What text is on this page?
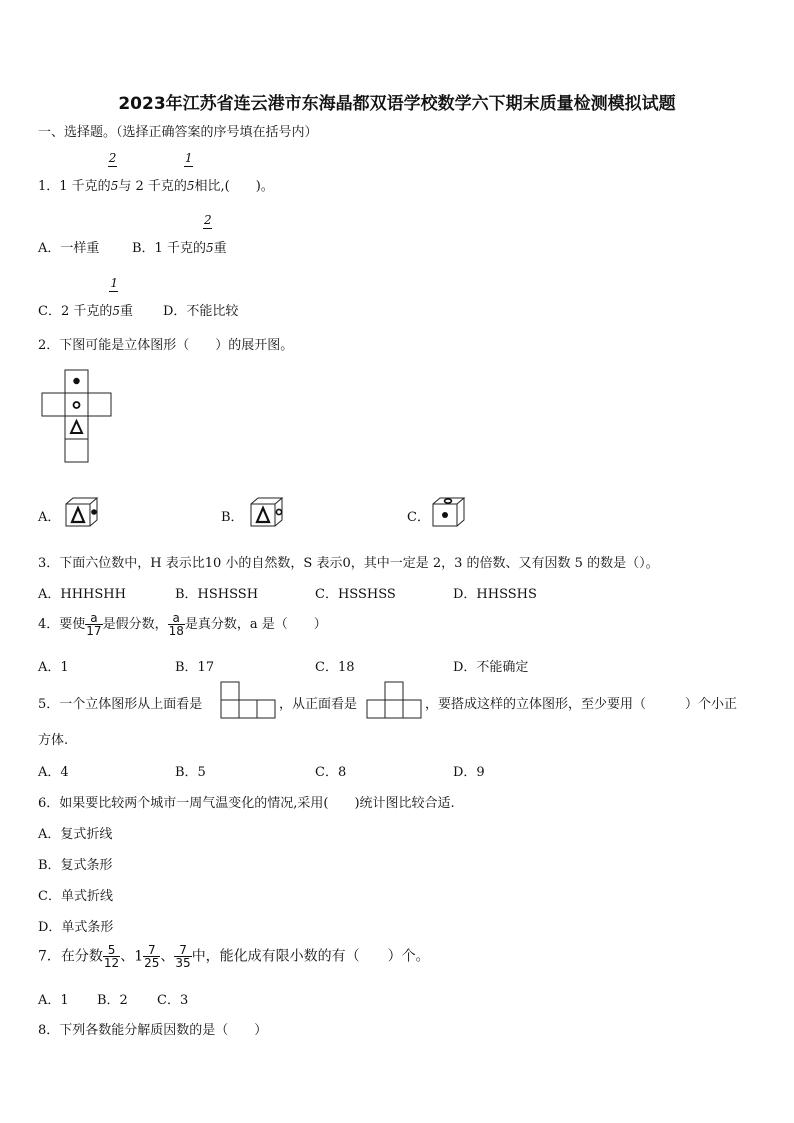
2023年江苏省连云港市东海晶都双语学校数学六下期末质量检测模拟试题
一、选择题。（选择正确答案的序号填在括号内）
1．1 千克的
2
5与 2 千克的
1
5相比,(　　)。
A．一样重	B．1 千克的
2
5重
C．2 千克的
1
5重 D．不能比较
2．下图可能是立体图形（　　）的展开图。
A．	B．	C．
3．下面六位数中，H 表示比10 小的自然数，S 表示0，其中一定是 2，3 的倍数、又有因数 5 的数是（）。
A．HHHSHH	B．HSHSSH	C．HSSHSS	D．HHSSHS
4．要使 $\frac{a}{17}$ 是假分数， $\frac{a}{18}$ 是真分数，a 是（　　）
A．1	B．17	C．18	D．不能确定
5．一个立体图形从上面看是	，从正面看是	，要搭成这样的立体图形，至少要用（　　　）个小正
方体.
A．4	B．5	C．8	D．9
6．如果要比较两个城市一周气温变化的情况,采用(　　)统计图比较合适.
A．复式折线
B．复式条形
C．单式折线
D．单式条形
7．在分数 $\frac{5}{12}$ 、$1 \frac{7}{25}$ 、 $\frac{7}{35}$ 中，能化成有限小数的有（　　）个。
A．1 B．2 C．3
8．下列各数能分解质因数的是（　　）
